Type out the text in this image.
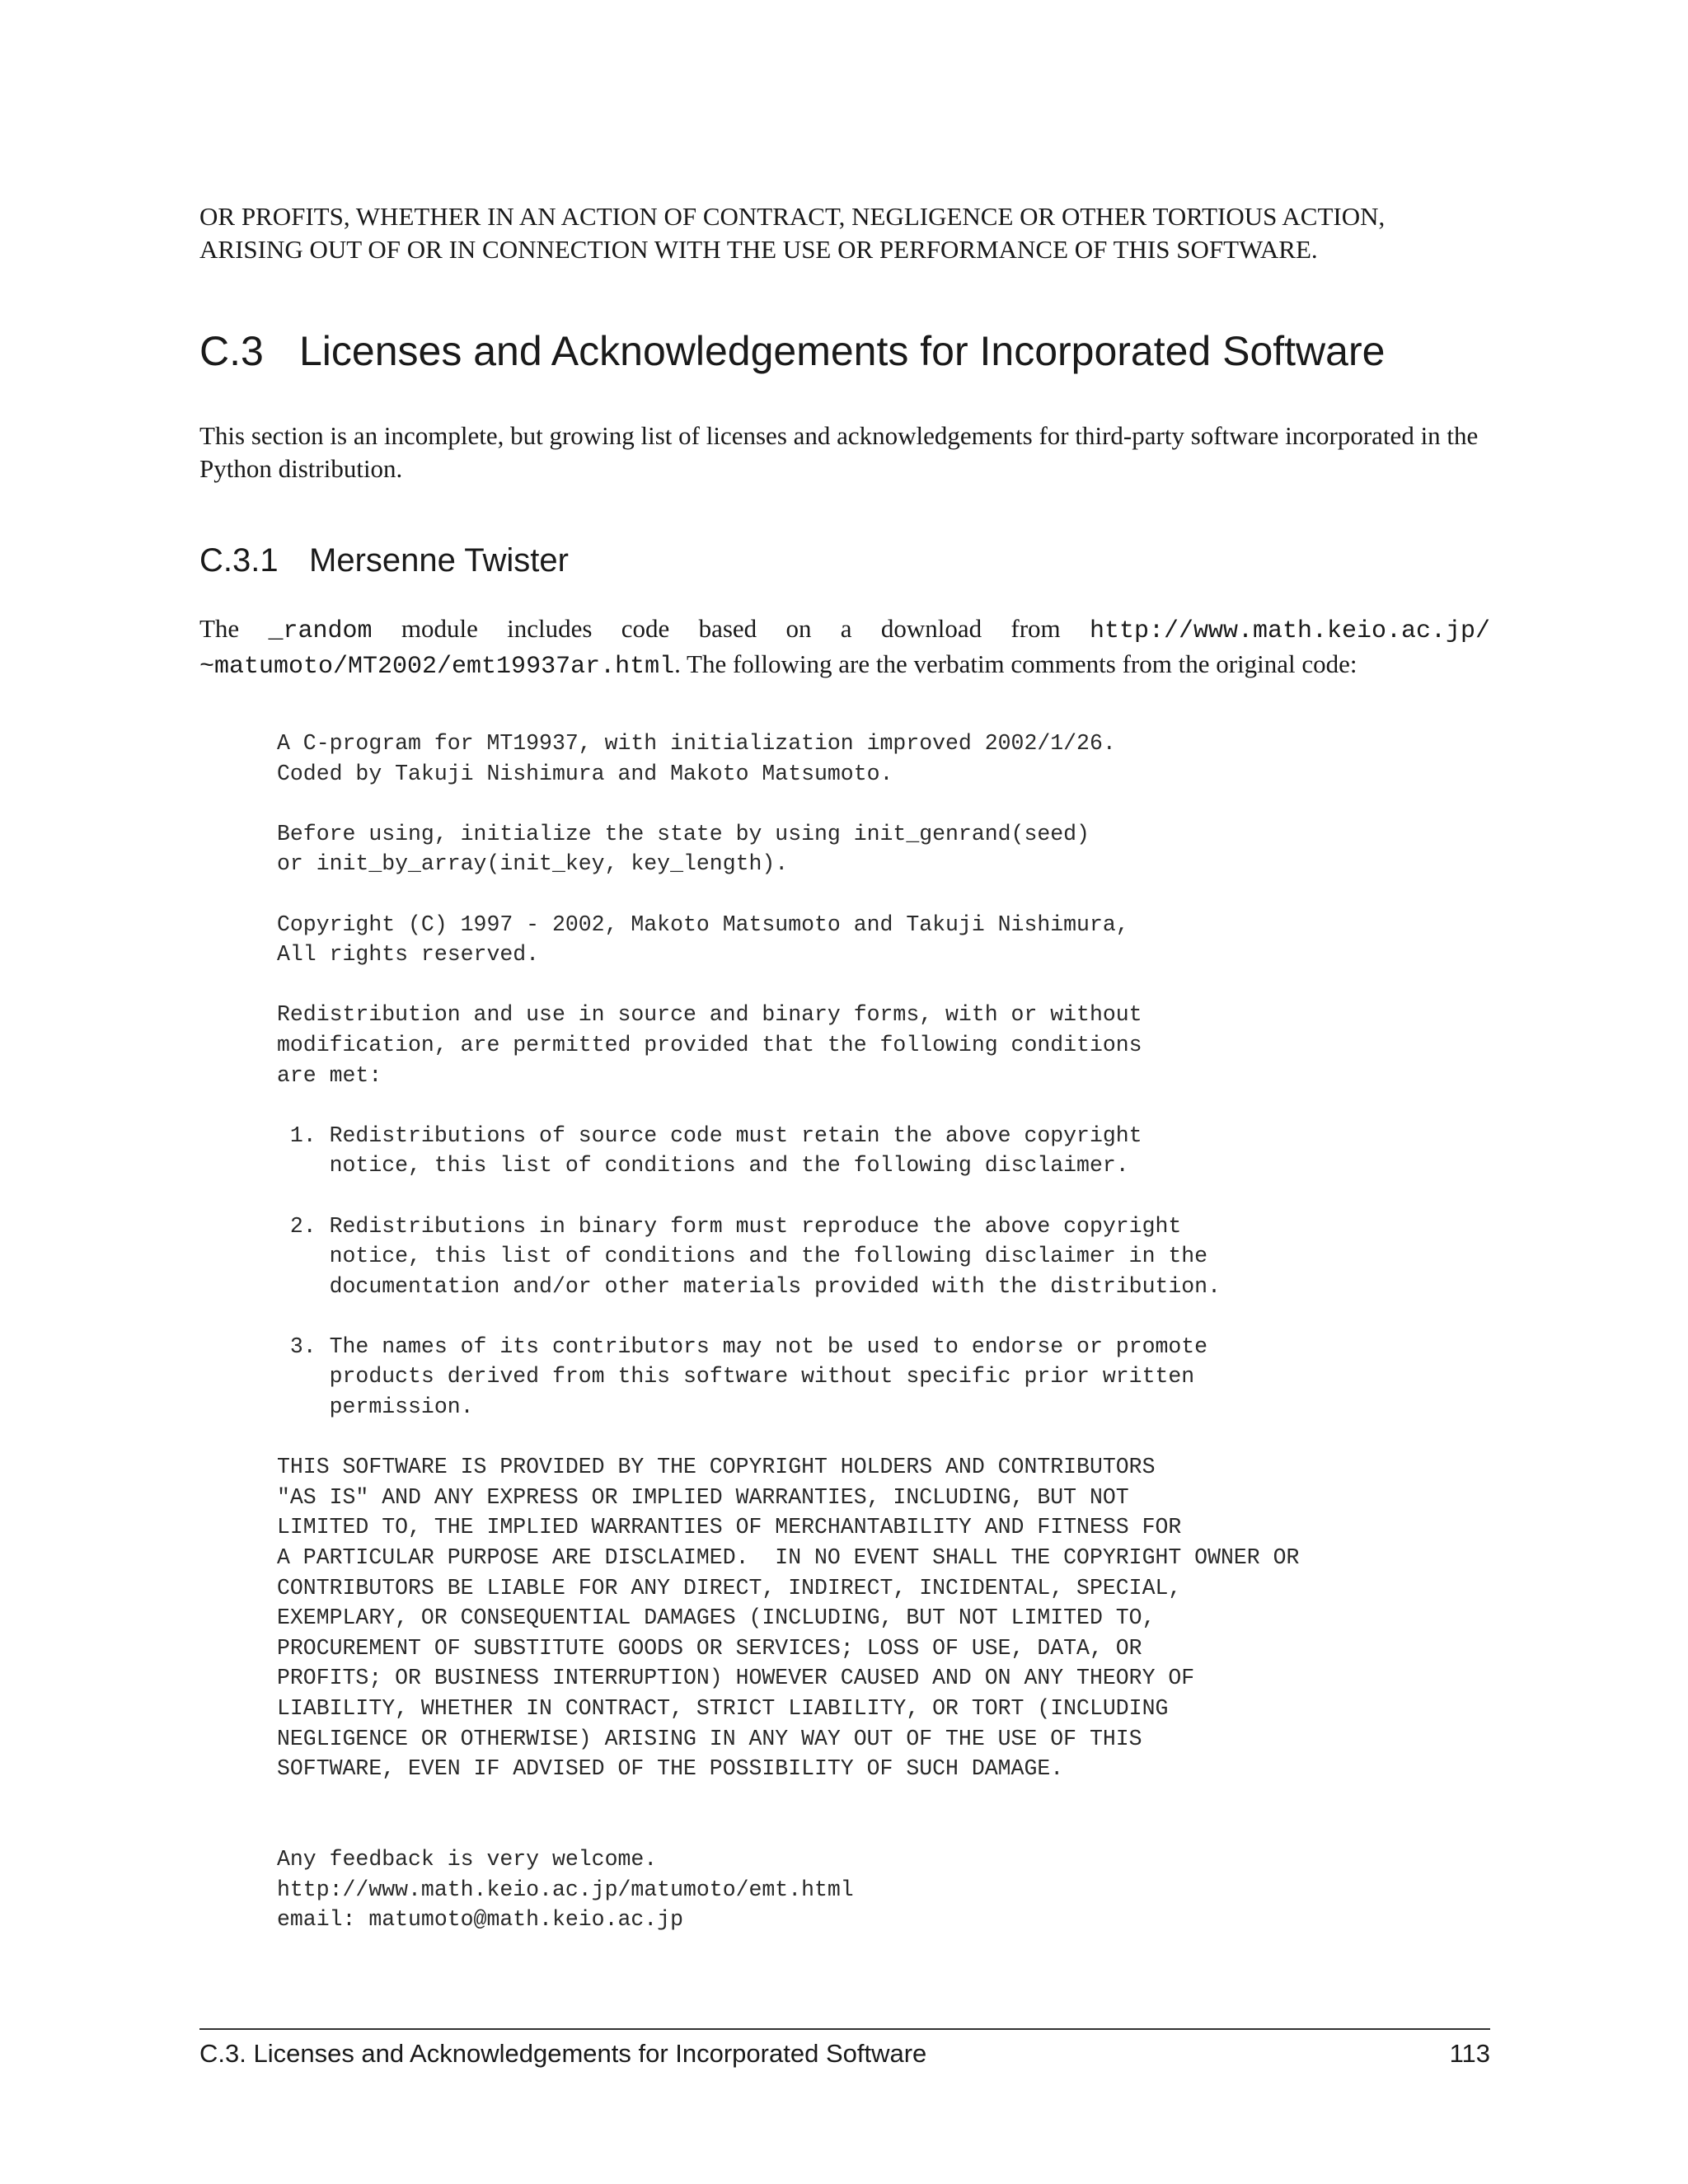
OR PROFITS, WHETHER IN AN ACTION OF CONTRACT, NEGLIGENCE OR OTHER TORTIOUS ACTION, ARISING OUT OF OR IN CONNECTION WITH THE USE OR PERFORMANCE OF THIS SOFTWARE.

C.3 Licenses and Acknowledgements for Incorporated Software

This section is an incomplete, but growing list of licenses and acknowledgements for third-party software incorporated in the Python distribution.

C.3.1 Mersenne Twister

The _random module includes code based on a download from http://www.math.keio.ac.jp/
~matumoto/MT2002/emt19937ar.html. The following are the verbatim comments from the original code:

A C-program for MT19937, with initialization improved 2002/1/26.
Coded by Takuji Nishimura and Makoto Matsumoto.
Before using, initialize the state by using init_genrand(seed)
or init_by_array(init_key, key_length).
Copyright (C) 1997 - 2002, Makoto Matsumoto and Takuji Nishimura,
All rights reserved.
Redistribution and use in source and binary forms, with or without
modification, are permitted provided that the following conditions
are met:
1. Redistributions of source code must retain the above copyright
notice, this list of conditions and the following disclaimer.
2. Redistributions in binary form must reproduce the above copyright
notice, this list of conditions and the following disclaimer in the
documentation and/or other materials provided with the distribution.
3. The names of its contributors may not be used to endorse or promote
products derived from this software without specific prior written
permission.
THIS SOFTWARE IS PROVIDED BY THE COPYRIGHT HOLDERS AND CONTRIBUTORS
"AS IS" AND ANY EXPRESS OR IMPLIED WARRANTIES, INCLUDING, BUT NOT
LIMITED TO, THE IMPLIED WARRANTIES OF MERCHANTABILITY AND FITNESS FOR
A PARTICULAR PURPOSE ARE DISCLAIMED.  IN NO EVENT SHALL THE COPYRIGHT OWNER OR
CONTRIBUTORS BE LIABLE FOR ANY DIRECT, INDIRECT, INCIDENTAL, SPECIAL,
EXEMPLARY, OR CONSEQUENTIAL DAMAGES (INCLUDING, BUT NOT LIMITED TO,
PROCUREMENT OF SUBSTITUTE GOODS OR SERVICES; LOSS OF USE, DATA, OR
PROFITS; OR BUSINESS INTERRUPTION) HOWEVER CAUSED AND ON ANY THEORY OF
LIABILITY, WHETHER IN CONTRACT, STRICT LIABILITY, OR TORT (INCLUDING
NEGLIGENCE OR OTHERWISE) ARISING IN ANY WAY OUT OF THE USE OF THIS
SOFTWARE, EVEN IF ADVISED OF THE POSSIBILITY OF SUCH DAMAGE.
Any feedback is very welcome.
http://www.math.keio.ac.jp/matumoto/emt.html
email: matumoto@math.keio.ac.jp
C.3. Licenses and Acknowledgements for Incorporated Software	113
